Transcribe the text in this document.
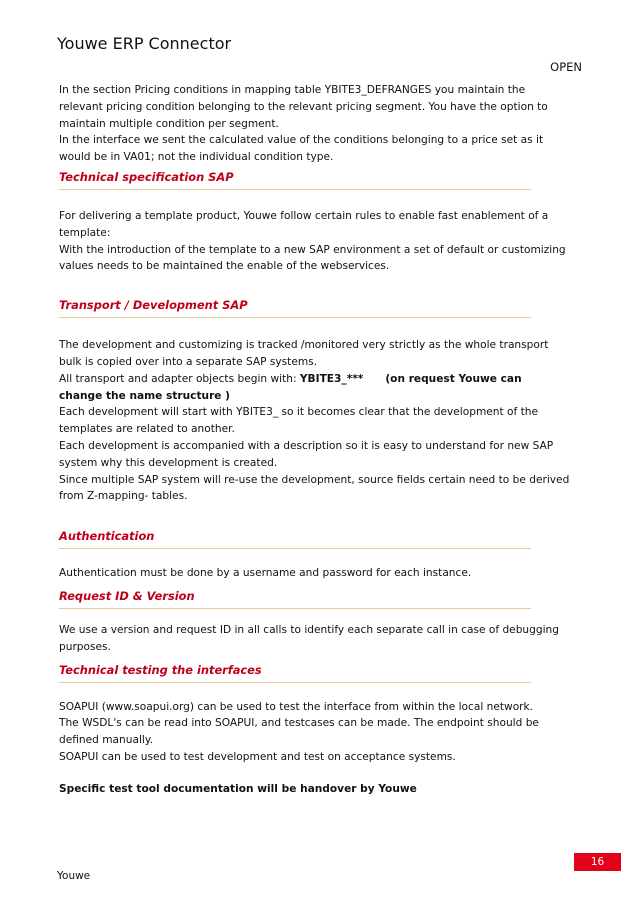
Youwe ERP Connector
OPEN

In the section Pricing conditions in mapping table YBITE3_DEFRANGES you maintain the

relevant pricing condition belonging to the relevant pricing segment. You have the option to

maintain multiple condition per segment.

In the interface we sent the calculated value of the conditions belonging to a price set as it

would be in VA01; not the individual condition type.

Technical specification SAP

For delivering a template product, Youwe follow certain rules to enable fast enablement of a

template:

With the introduction of the template to a new SAP environment a set of default or customizing

values needs to be maintained the enable of the webservices.

Transport / Development SAP

The development and customizing is tracked /monitored very strictly as the whole transport

bulk is copied over into a separate SAP systems.

All transport and adapter objects begin with: YBITE3_*** (on request Youwe can

change the name structure )

Each development will start with YBITE3_ so it becomes clear that the development of the

templates are related to another.

Each development is accompanied with a description so it is easy to understand for new SAP

system why this development is created.

Since multiple SAP system will re-use the development, source fields certain need to be derived

from Z-mapping- tables.

Authentication

Authentication must be done by a username and password for each instance.

Request ID & Version

We use a version and request ID in all calls to identify each separate call in case of debugging

purposes.

Technical testing the interfaces

SOAPUI (www.soapui.org) can be used to test the interface from within the local network.

The WSDL's can be read into SOAPUI, and testcases can be made. The endpoint should be

defined manually.

SOAPUI can be used to test development and test on acceptance systems.

Specific test tool documentation will be handover by Youwe

16
Youwe
